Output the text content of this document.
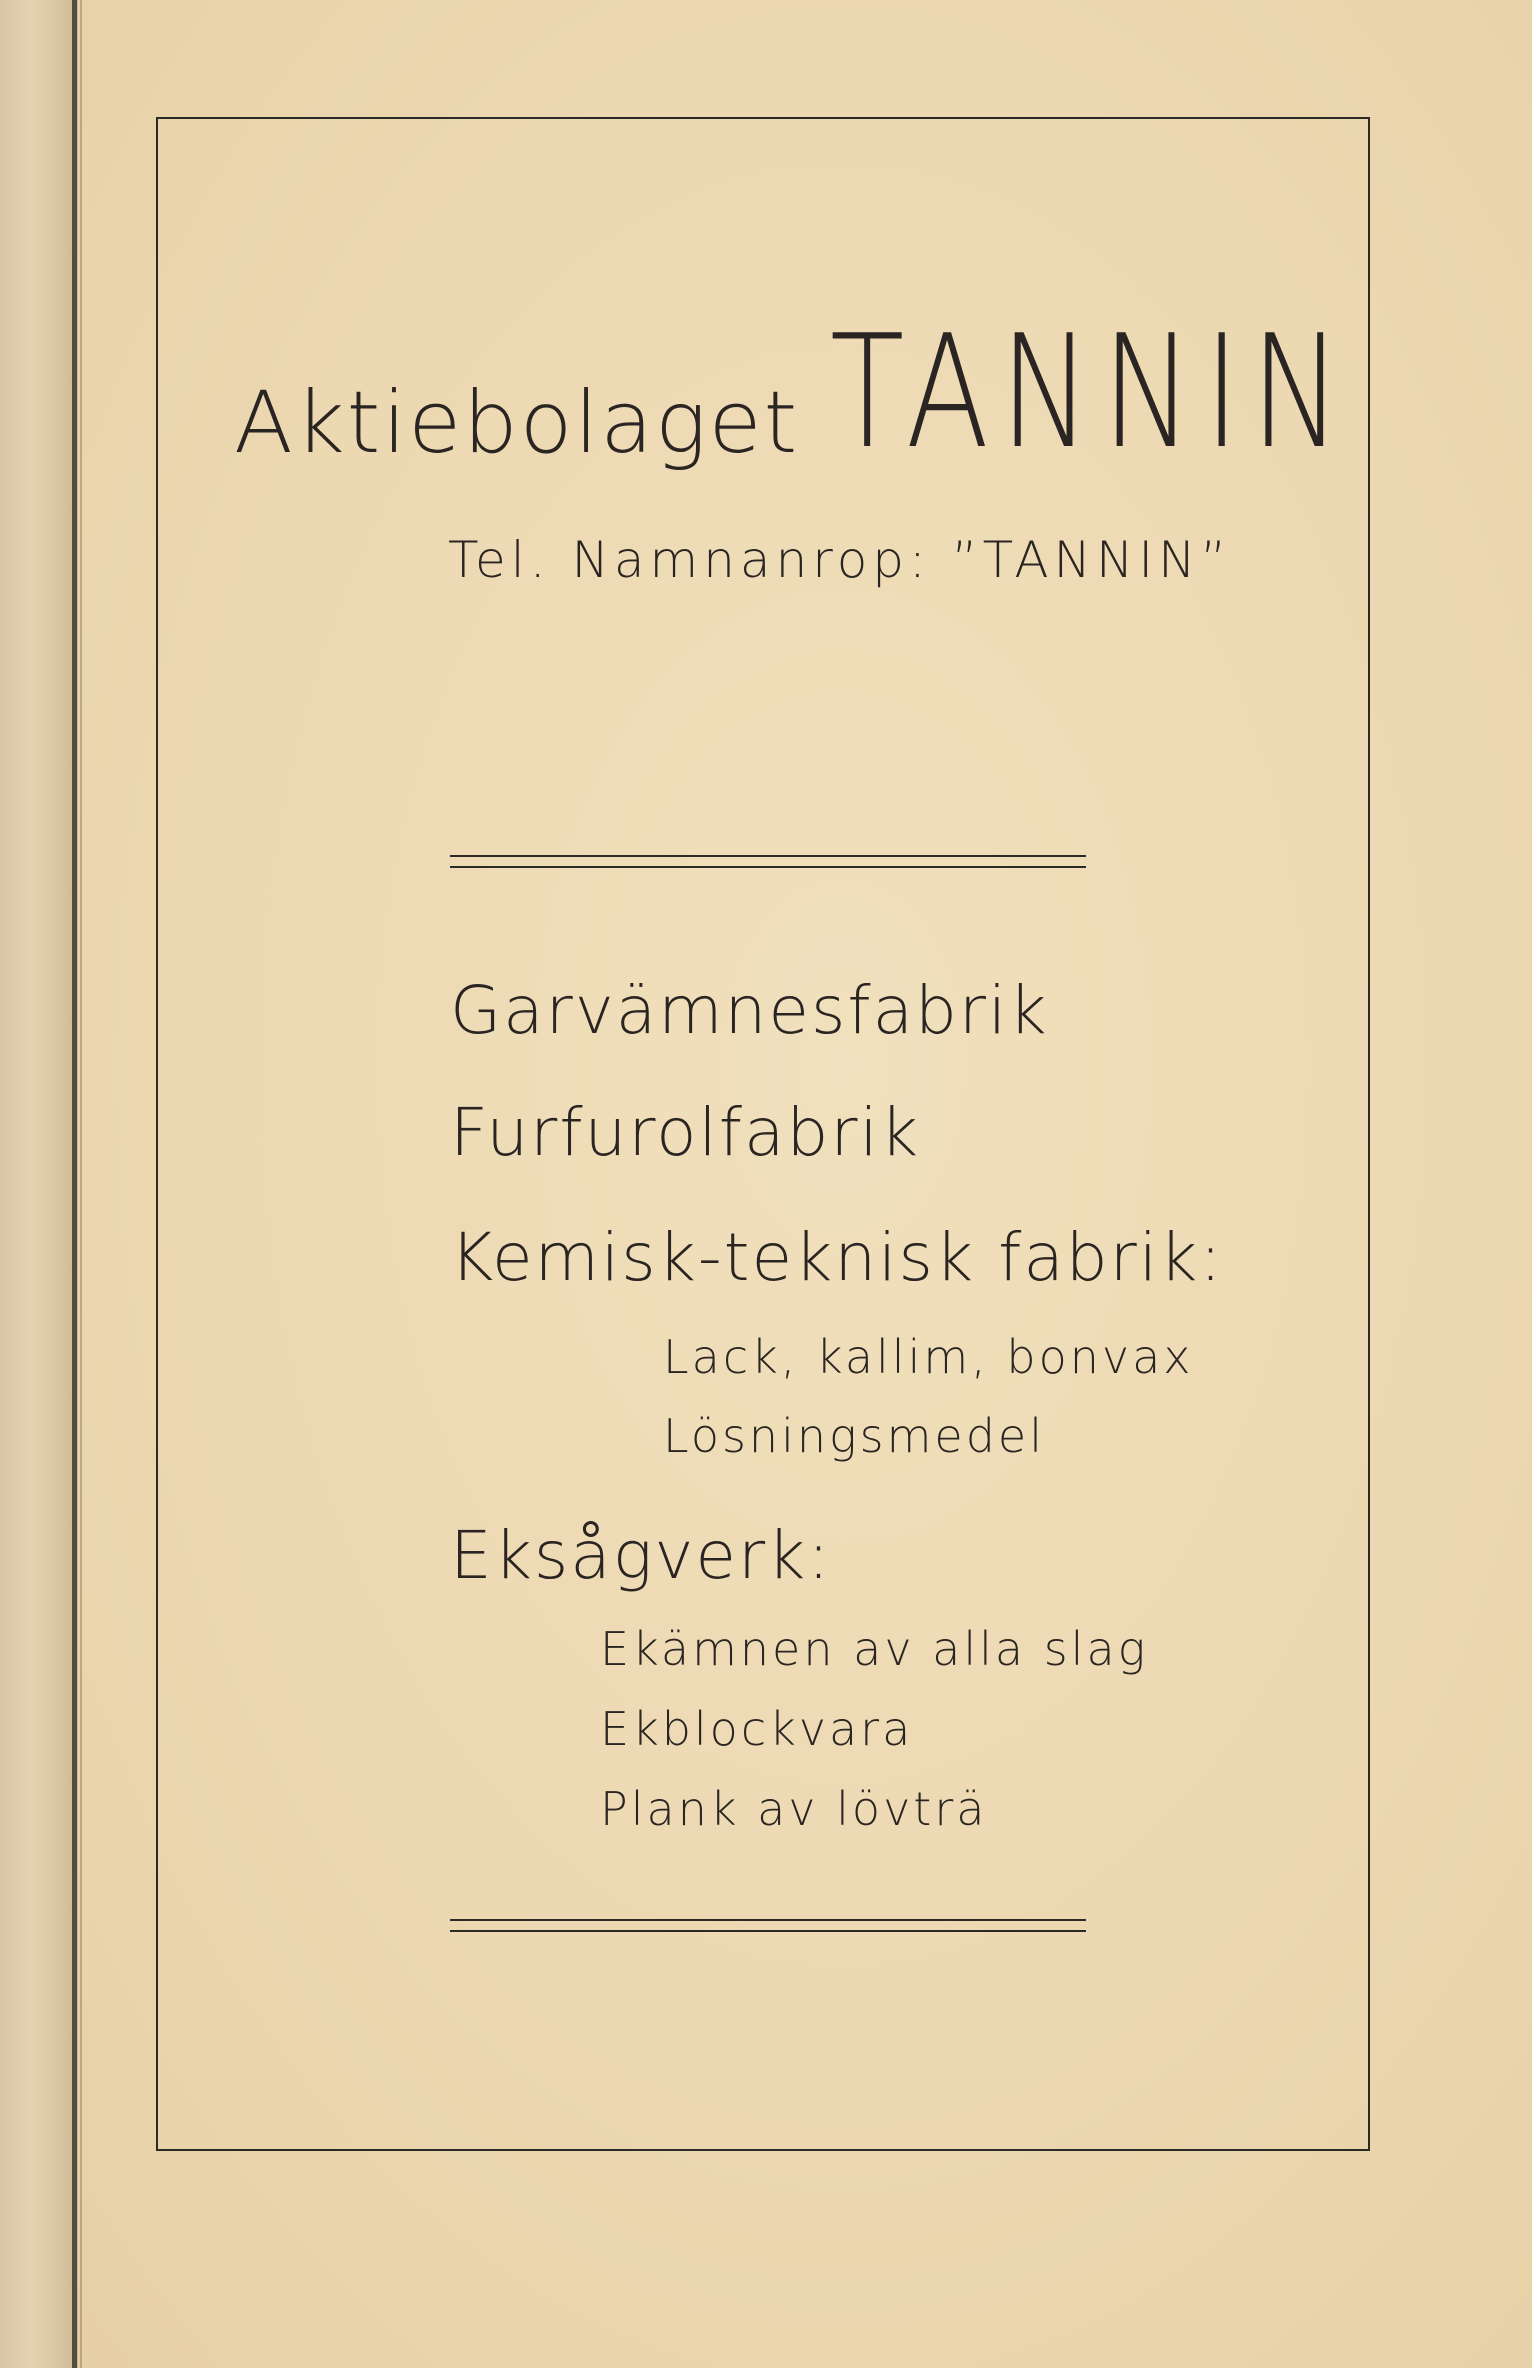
Aktiebolaget TANNIN
Tel. Namnanrop: ”TANNIN”
Garvämnesfabrik
Furfurolfabrik
Kemisk-teknisk fabrik:
Lack, kallim, bonvax
Lösningsmedel
Eksågverk:
Ekämnen av alla slag
Ekblockvara
Plank av lövträ
